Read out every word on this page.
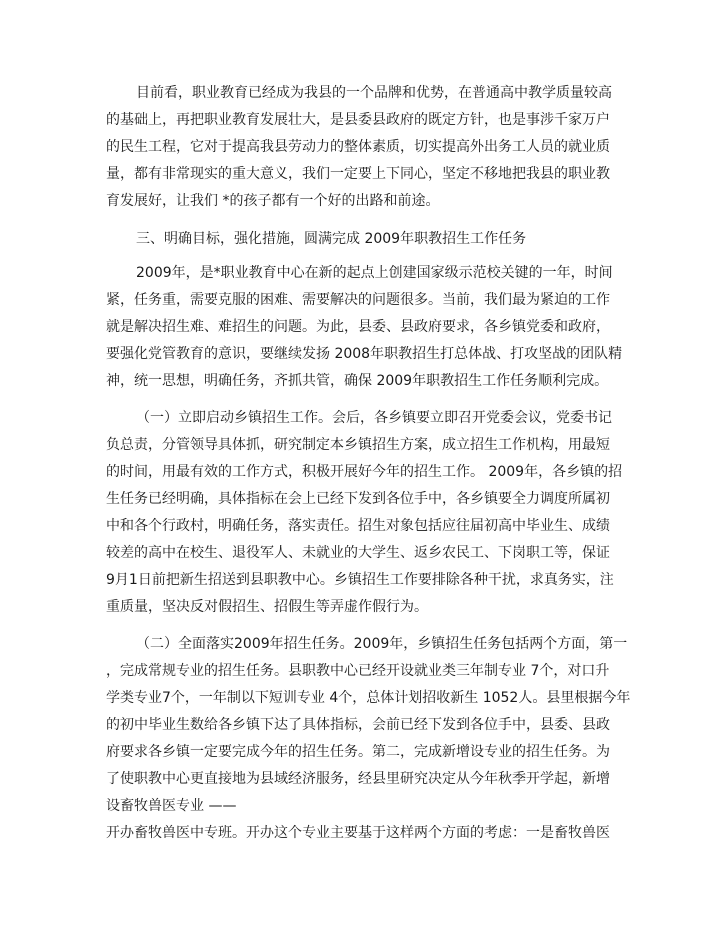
目前看，职业教育已经成为我县的一个品牌和优势，在普通高中教学质量较高
的基础上，再把职业教育发展壮大，是县委县政府的既定方针，也是事涉千家万户
的民生工程，它对于提高我县劳动力的整体素质，切实提高外出务工人员的就业质
量，都有非常现实的重大意义，我们一定要上下同心，坚定不移地把我县的职业教
育发展好，让我们 *的孩子都有一个好的出路和前途。
三、明确目标，强化措施，圆满完成 2009年职教招生工作任务
2009年，是*职业教育中心在新的起点上创建国家级示范校关键的一年，时间
紧，任务重，需要克服的困难、需要解决的问题很多。当前，我们最为紧迫的工作
就是解决招生难、难招生的问题。为此，县委、县政府要求，各乡镇党委和政府，
要强化党管教育的意识，要继续发扬 2008年职教招生打总体战、打攻坚战的团队精
神，统一思想，明确任务，齐抓共管，确保 2009年职教招生工作任务顺利完成。
（一）立即启动乡镇招生工作。会后，各乡镇要立即召开党委会议，党委书记
负总责，分管领导具体抓，研究制定本乡镇招生方案，成立招生工作机构，用最短
的时间，用最有效的工作方式，积极开展好今年的招生工作。 2009年，各乡镇的招
生任务已经明确，具体指标在会上已经下发到各位手中，各乡镇要全力调度所属初
中和各个行政村，明确任务，落实责任。招生对象包括应往届初高中毕业生、成绩
较差的高中在校生、退役军人、未就业的大学生、返乡农民工、下岗职工等，保证
9月1日前把新生招送到县职教中心。乡镇招生工作要排除各种干扰，求真务实，注
重质量，坚决反对假招生、招假生等弄虚作假行为。
（二）全面落实2009年招生任务。2009年，乡镇招生任务包括两个方面，第一
，完成常规专业的招生任务。县职教中心已经开设就业类三年制专业 7个，对口升
学类专业7个，一年制以下短训专业 4个，总体计划招收新生 1052人。县里根据今年
的初中毕业生数给各乡镇下达了具体指标，会前已经下发到各位手中，县委、县政
府要求各乡镇一定要完成今年的招生任务。第二，完成新增设专业的招生任务。为
了使职教中心更直接地为县域经济服务，经县里研究决定从今年秋季开学起，新增
设畜牧兽医专业 ——
开办畜牧兽医中专班。开办这个专业主要基于这样两个方面的考虑：一是畜牧兽医
